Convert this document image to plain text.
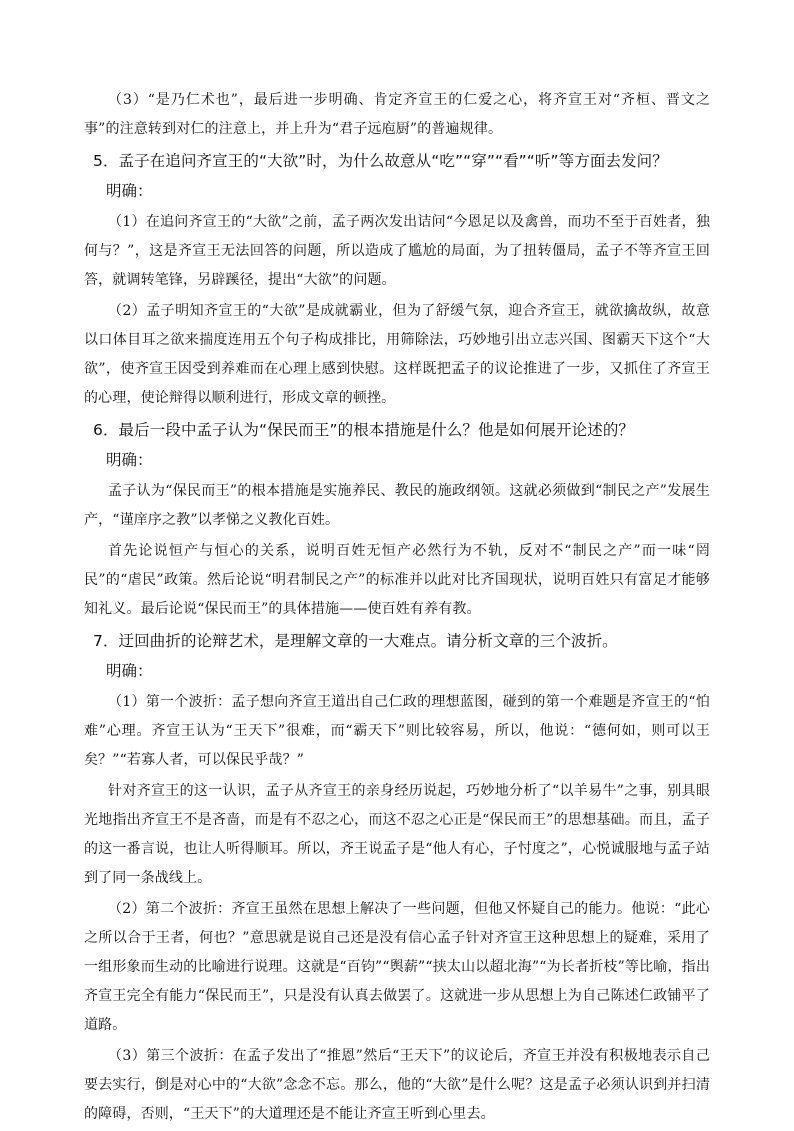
（3）“是乃仁术也”，最后进一步明确、肯定齐宣王的仁爱之心，将齐宣王对“齐桓、晋文之事”的注意转到对仁的注意上，并上升为“君子远庖厨”的普遍规律。

5．孟子在追问齐宣王的“大欲”时，为什么故意从“吃”“穿”“看”“听”等方面去发问？

明确：

（1）在追问齐宣王的“大欲”之前，孟子两次发出诘问“今恩足以及禽兽，而功不至于百姓者，独何与？”，这是齐宣王无法回答的问题，所以造成了尴尬的局面，为了扭转僵局，孟子不等齐宣王回答，就调转笔锋，另辟蹊径，提出“大欲”的问题。

（2）孟子明知齐宣王的“大欲”是成就霸业，但为了舒缓气氛，迎合齐宣王，就欲擒故纵，故意以口体目耳之欲来揣度连用五个句子构成排比，用筛除法，巧妙地引出立志兴国、图霸天下这个“大欲”，使齐宣王因受到养难而在心理上感到快慰。这样既把孟子的议论推进了一步，又抓住了齐宣王的心理，使论辩得以顺利进行，形成文章的顿挫。

6．最后一段中孟子认为“保民而王”的根本措施是什么？他是如何展开论述的？

明确：

孟子认为“保民而王”的根本措施是实施养民、教民的施政纲领。这就必须做到“制民之产”发展生产，“谨庠序之教”以孝悌之义教化百姓。

首先论说恒产与恒心的关系，说明百姓无恒产必然行为不轨，反对不“制民之产”而一味“罔民”的“虐民”政策。然后论说“明君制民之产”的标准并以此对比齐国现状，说明百姓只有富足才能够知礼义。最后论说“保民而王”的具体措施——使百姓有养有教。

7．迂回曲折的论辩艺术，是理解文章的一大难点。请分析文章的三个波折。

明确：

（1）第一个波折：孟子想向齐宣王道出自己仁政的理想蓝图，碰到的第一个难题是齐宣王的“怕难”心理。齐宣王认为“王天下”很难，而“霸天下”则比较容易，所以，他说：“德何如，则可以王矣？”“若寡人者，可以保民乎哉？”

针对齐宣王的这一认识，孟子从齐宣王的亲身经历说起，巧妙地分析了“以羊易牛”之事，别具眼光地指出齐宣王不是吝啬，而是有不忍之心，而这不忍之心正是“保民而王”的思想基础。而且，孟子的这一番言说，也让人听得顺耳。所以，齐王说孟子是“他人有心，子忖度之”，心悦诚服地与孟子站到了同一条战线上。

（2）第二个波折：齐宣王虽然在思想上解决了一些问题，但他又怀疑自己的能力。他说：“此心之所以合于王者，何也？”意思就是说自己还是没有信心孟子针对齐宣王这种思想上的疑难，采用了一组形象而生动的比喻进行说理。这就是“百钧”“舆薪”“挟太山以超北海”“为长者折枝”等比喻，指出齐宣王完全有能力“保民而王”，只是没有认真去做罢了。这就进一步从思想上为自己陈述仁政铺平了道路。

（3）第三个波折：在孟子发出了“推恩”然后“王天下”的议论后，齐宣王并没有积极地表示自己要去实行，倒是对心中的“大欲”念念不忘。那么，他的“大欲”是什么呢？这是孟子必须认识到并扫清的障碍，否则，“王天下”的大道理还是不能让齐宣王听到心里去。
